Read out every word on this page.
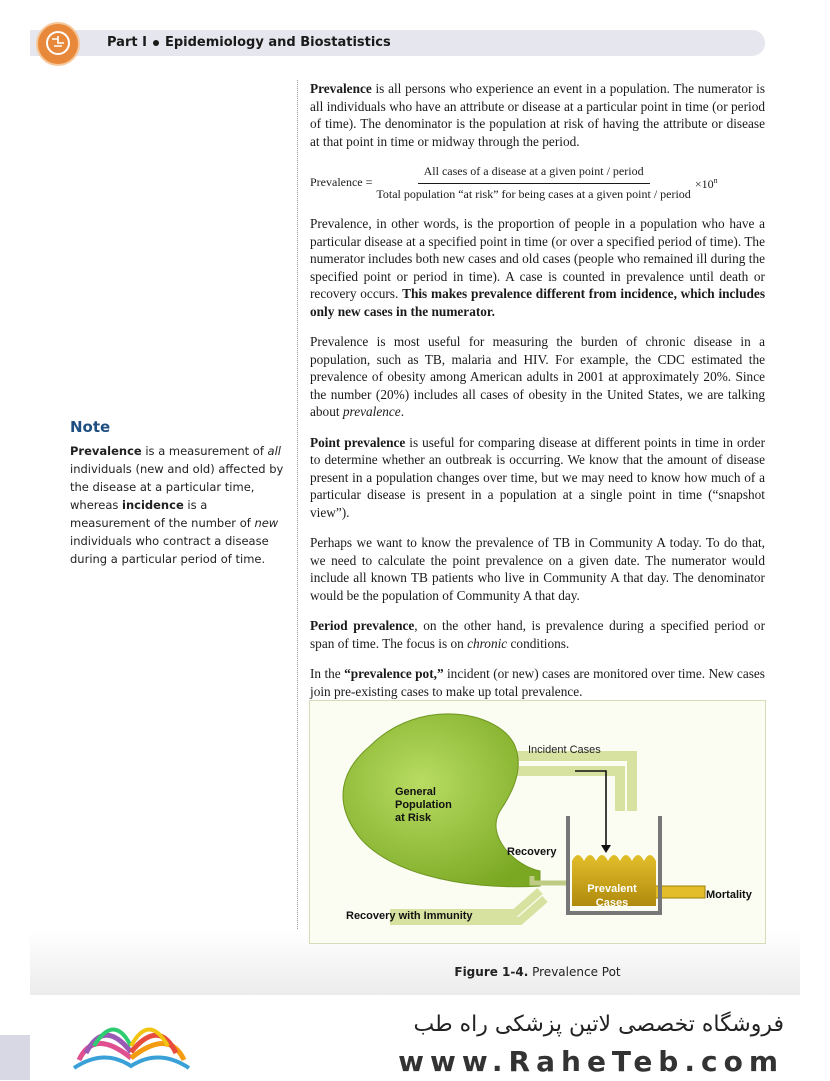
Part I Epidemiology and Biostatistics

Prevalence is all persons who experience an event in a population. The numerator is all individuals who have an attribute or disease at a particular point in time (or period of time). The denominator is the population at risk of having the attribute or disease at that point in time or midway through the period.

Prevalence =
All cases of a disease at a given point / period
Total population “at risk” for being cases at a given point / period
$\times 10^n$

Prevalence, in other words, is the proportion of people in a population who have a particular disease at a specified point in time (or over a specified period of time). The numerator includes both new cases and old cases (people who remained ill during the specified point or period in time). A case is counted in prevalence until death or recovery occurs. This makes prevalence different from incidence, which includes only new cases in the numerator.

Prevalence is most useful for measuring the burden of chronic disease in a population, such as TB, malaria and HIV. For example, the CDC estimated the prevalence of obesity among American adults in 2001 at approximately 20%. Since the number (20%) includes all cases of obesity in the United States, we are talking about prevalence.

Point prevalence is useful for comparing disease at different points in time in order to determine whether an outbreak is occurring. We know that the amount of disease present in a population changes over time, but we may need to know how much of a particular disease is present in a population at a single point in time (“snapshot view”).

Perhaps we want to know the prevalence of TB in Community A today. To do that, we need to calculate the point prevalence on a given date. The numerator would include all known TB patients who live in Community A that day. The denominator would be the population of Community A that day.

Period prevalence, on the other hand, is prevalence during a specified period or span of time. The focus is on chronic conditions.

In the “prevalence pot,” incident (or new) cases are monitored over time. New cases join pre-existing cases to make up total prevalence.

Note
Prevalence is a measurement of all individuals (new and old) affected by the disease at a particular time, whereas incidence is a measurement of the number of new individuals who contract a disease during a particular period of time.
General
Population
at Risk
Incident Cases
Recovery
Prevalent
Cases
Mortality
Recovery with Immunity
Figure 1-4. Prevalence Pot
فروشگاه تخصصی لاتین پزشکی راه طب
www.RaheTeb.com
